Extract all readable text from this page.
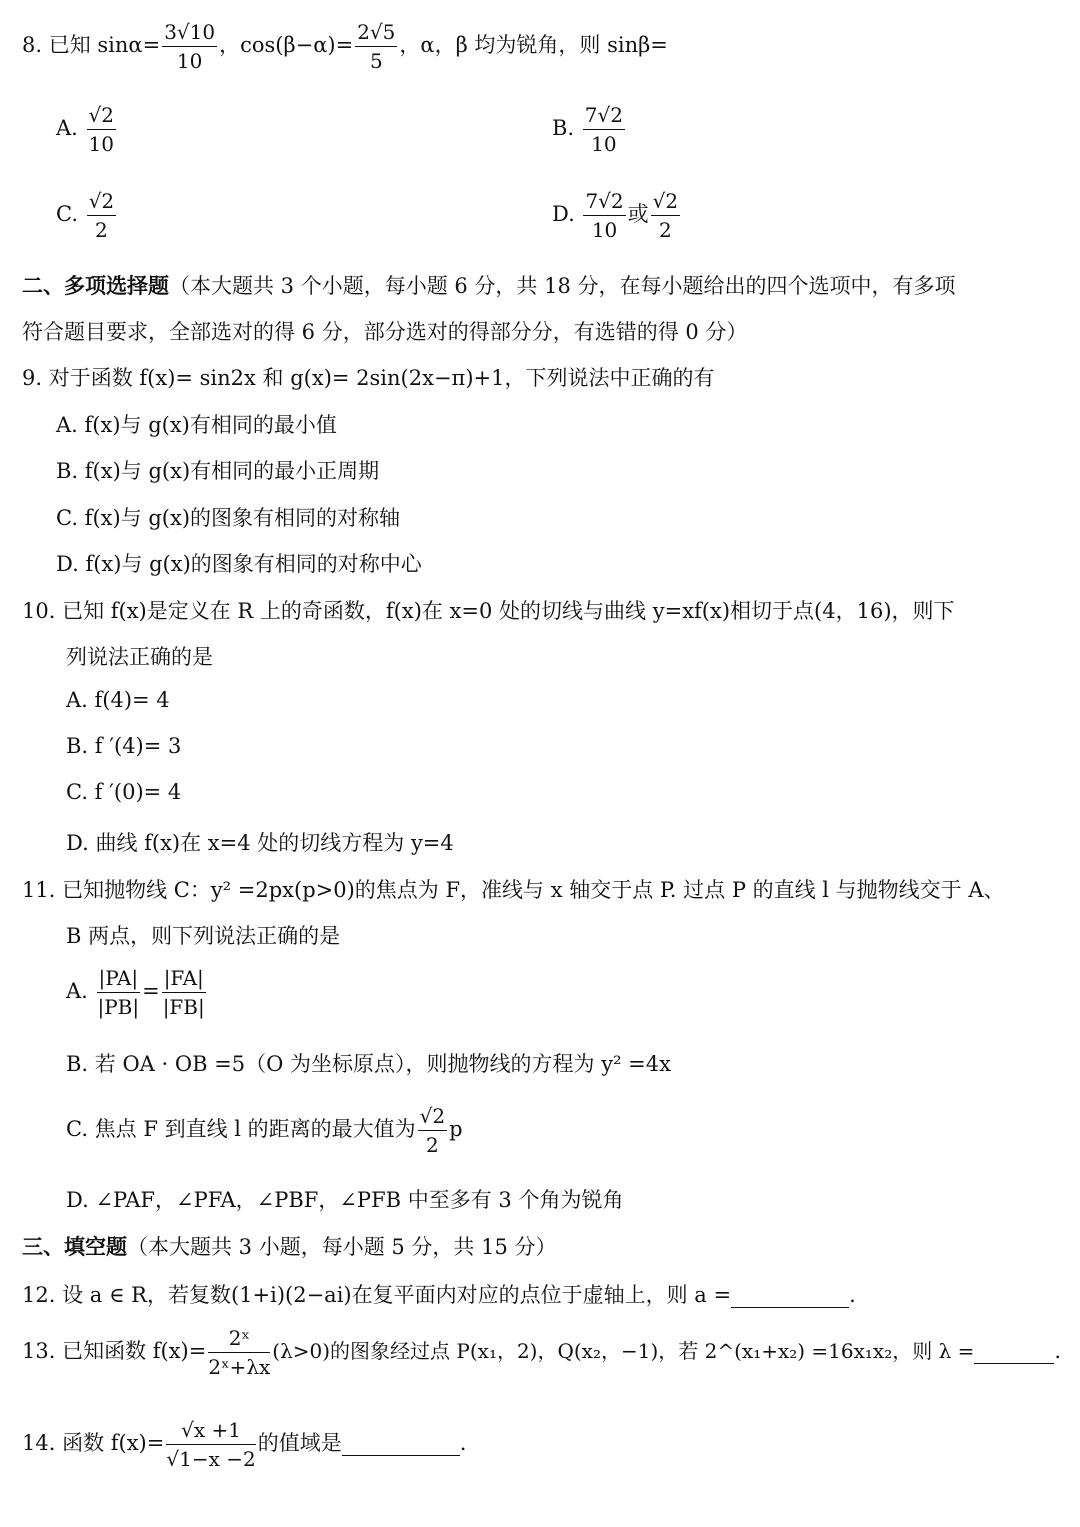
8. 已知 $\sin\alpha= \frac{3√10}{10}$ ，$\cos(\beta-\alpha)= \frac{2√5}{5}$ ，α，β 均为锐角，则 sinβ=
A. $\frac{√2}{10}$	B. $\frac{7√2}{10}$
C. $\frac{√2}{2}$	D. $\frac{7√2}{10}$ 或 $\frac{√2}{2}$
二、多项选择题（本大题共 3 个小题，每小题 6 分，共 18 分，在每小题给出的四个选项中，有多项
符合题目要求，全部选对的得 6 分，部分选对的得部分分，有选错的得 0 分）
9. 对于函数 f(x)= sin2x 和 g(x)= 2sin(2x−π)+1，下列说法中正确的有
A. f(x)与 g(x)有相同的最小值
B. f(x)与 g(x)有相同的最小正周期
C. f(x)与 g(x)的图象有相同的对称轴
D. f(x)与 g(x)的图象有相同的对称中心
10. 已知 f(x)是定义在 R 上的奇函数，f(x)在 x=0 处的切线与曲线 y=xf(x)相切于点(4，16)，则下
列说法正确的是
A. f(4)= 4
B. f ′(4)= 3
C. f ′(0)= 4
D. 曲线 f(x)在 x=4 处的切线方程为 y=4
11. 已知抛物线 C：y² =2px(p>0)的焦点为 F，准线与 x 轴交于点 P. 过点 P 的直线 l 与抛物线交于 A、
B 两点，则下列说法正确的是
A. $\frac{|PA|}{|PB|} = \frac{|FA|}{|FB|}$
B. 若 OA · OB =5（O 为坐标原点），则抛物线的方程为 y² =4x
C. 焦点 F 到直线 l 的距离的最大值为 $\frac{√2}{2}$ p
D. ∠PAF，∠PFA，∠PBF，∠PFB 中至多有 3 个角为锐角
三、填空题（本大题共 3 小题，每小题 5 分，共 15 分）
12. 设 a ∈ R，若复数(1+i)(2−ai)在复平面内对应的点位于虚轴上，则 a =	.
13. 已知函数 $f(x)= \frac{\text{2ˣ}}{\text{2ˣ+λx}} (\lambda>0)$的图象经过点 P(x₁，2)，Q(x₂，−1)，若 2^(x₁+x₂) =16x₁x₂，则 λ =	.
14. 函数 $f(x)= \frac{√x +1}{√1-x -2}$ 的值域是	.
